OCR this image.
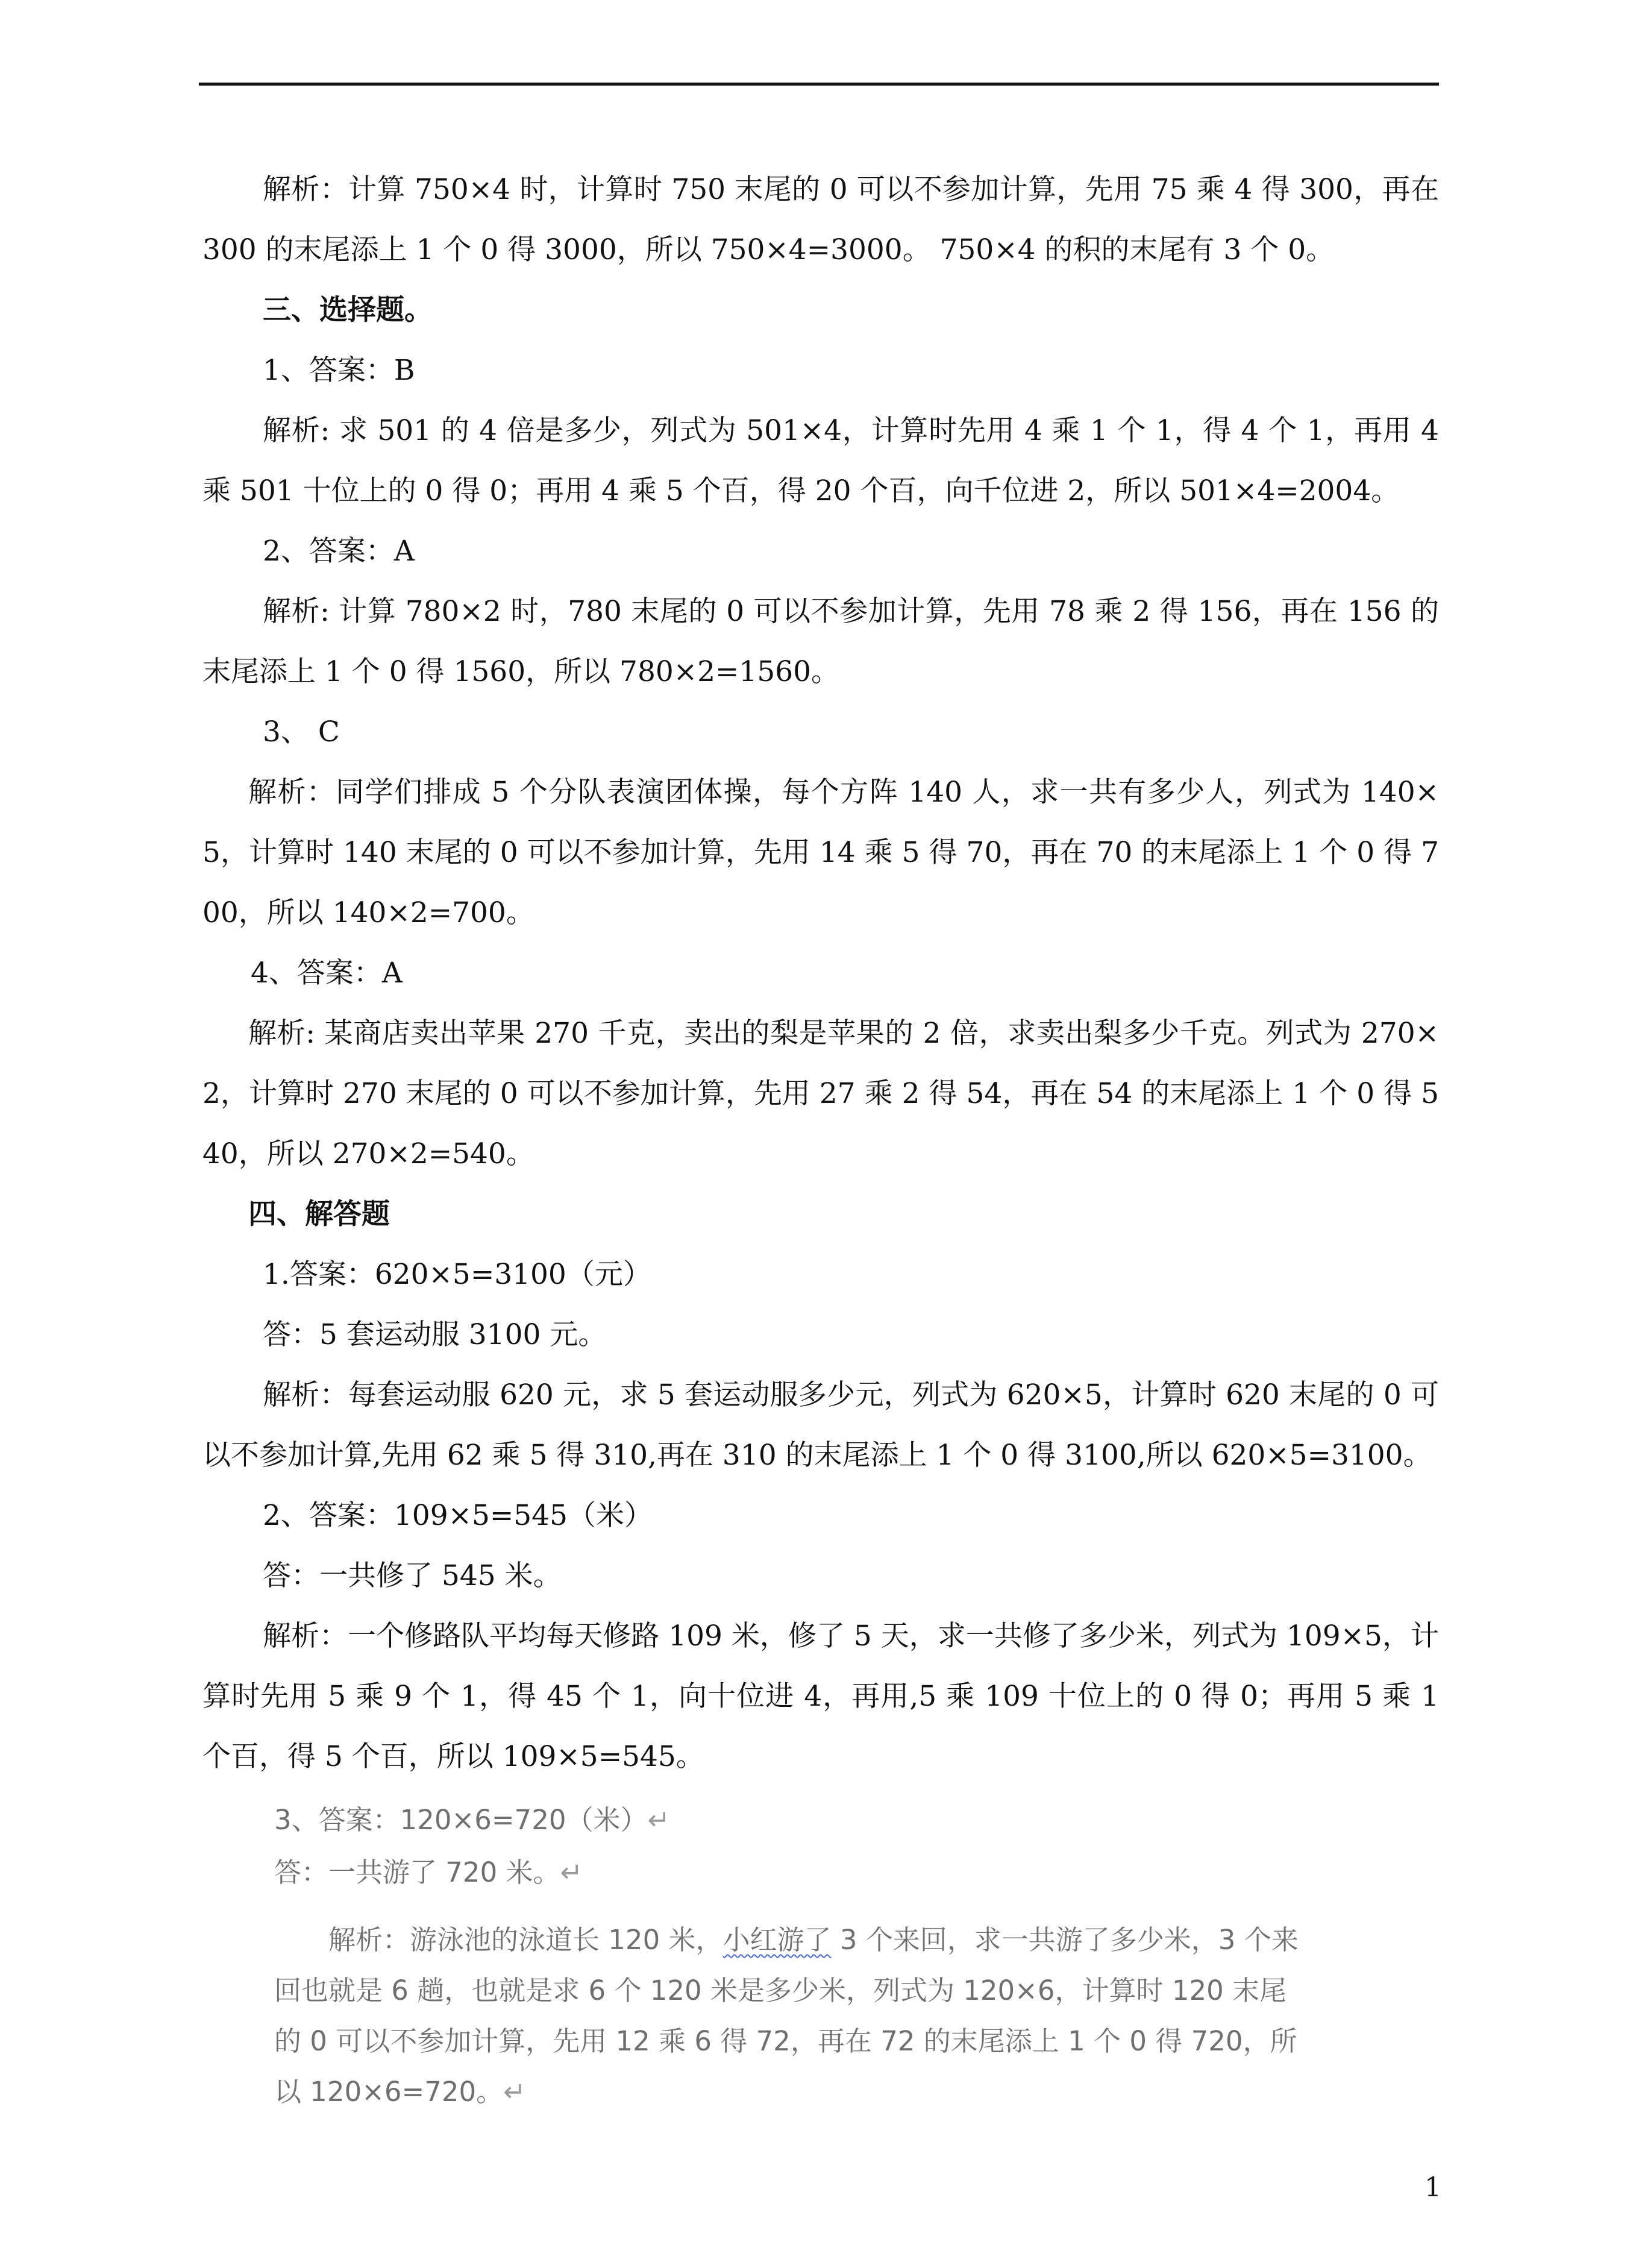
解析：计算 750×4 时，计算时 750 末尾的 0 可以不参加计算，先用 75 乘 4 得 300，再在 300 的末尾添上 1 个 0 得 3000，所以 750×4=3000。 750×4 的积的末尾有 3 个 0。

三、选择题。

1、答案：B

解析: 求 501 的 4 倍是多少，列式为 501×4，计算时先用 4 乘 1 个 1，得 4 个 1，再用 4 乘 501 十位上的 0 得 0；再用 4 乘 5 个百，得 20 个百，向千位进 2，所以 501×4=2004。

2、答案：A

解析: 计算 780×2 时，780 末尾的 0 可以不参加计算，先用 78 乘 2 得 156，再在 156 的末尾添上 1 个 0 得 1560，所以 780×2=1560。

3、 C

解析：同学们排成 5 个分队表演团体操，每个方阵 140 人，求一共有多少人，列式为 140×5，计算时 140 末尾的 0 可以不参加计算，先用 14 乘 5 得 70，再在 70 的末尾添上 1 个 0 得 700，所以 140×2=700。

4、答案：A

解析: 某商店卖出苹果 270 千克，卖出的梨是苹果的 2 倍，求卖出梨多少千克。列式为 270×2，计算时 270 末尾的 0 可以不参加计算，先用 27 乘 2 得 54，再在 54 的末尾添上 1 个 0 得 540，所以 270×2=540。

四、解答题

1.答案：620×5=3100（元）

答：5 套运动服 3100 元。

解析：每套运动服 620 元，求 5 套运动服多少元，列式为 620×5，计算时 620 末尾的 0 可以不参加计算,先用 62 乘 5 得 310,再在 310 的末尾添上 1 个 0 得 3100,所以 620×5=3100。

2、答案：109×5=545（米）

答：一共修了 545 米。

解析：一个修路队平均每天修路 109 米，修了 5 天，求一共修了多少米，列式为 109×5，计算时先用 5 乘 9 个 1，得 45 个 1，向十位进 4，再用,5 乘 109 十位上的 0 得 0；再用 5 乘 1 个百，得 5 个百，所以 109×5=545。

3、答案：120×6=720（米）↵

答：一共游了 720 米。↵

解析：游泳池的泳道长 120 米，小红游了 3 个来回，求一共游了多少米，3 个来回也就是 6 趟，也就是求 6 个 120 米是多少米，列式为 120×6，计算时 120 末尾的 0 可以不参加计算，先用 12 乘 6 得 72，再在 72 的末尾添上 1 个 0 得 720，所以 120×6=720。↵

1
